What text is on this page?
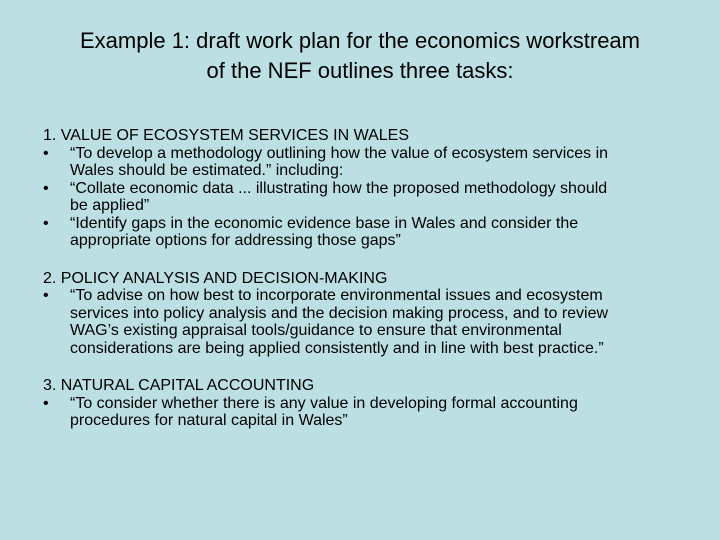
Example 1: draft work plan for the economics workstream
of the NEF outlines three tasks:
1. VALUE OF ECOSYSTEM SERVICES IN WALES
• “To develop a methodology outlining how the value of ecosystem services in
Wales should be estimated.” including:
• “Collate economic data ... illustrating how the proposed methodology should
be applied”
• “Identify gaps in the economic evidence base in Wales and consider the
appropriate options for addressing those gaps”
2. POLICY ANALYSIS AND DECISION-MAKING
• “To advise on how best to incorporate environmental issues and ecosystem
services into policy analysis and the decision making process, and to review
WAG’s existing appraisal tools/guidance to ensure that environmental
considerations are being applied consistently and in line with best practice.”
3. NATURAL CAPITAL ACCOUNTING
• “To consider whether there is any value in developing formal accounting
procedures for natural capital in Wales”
